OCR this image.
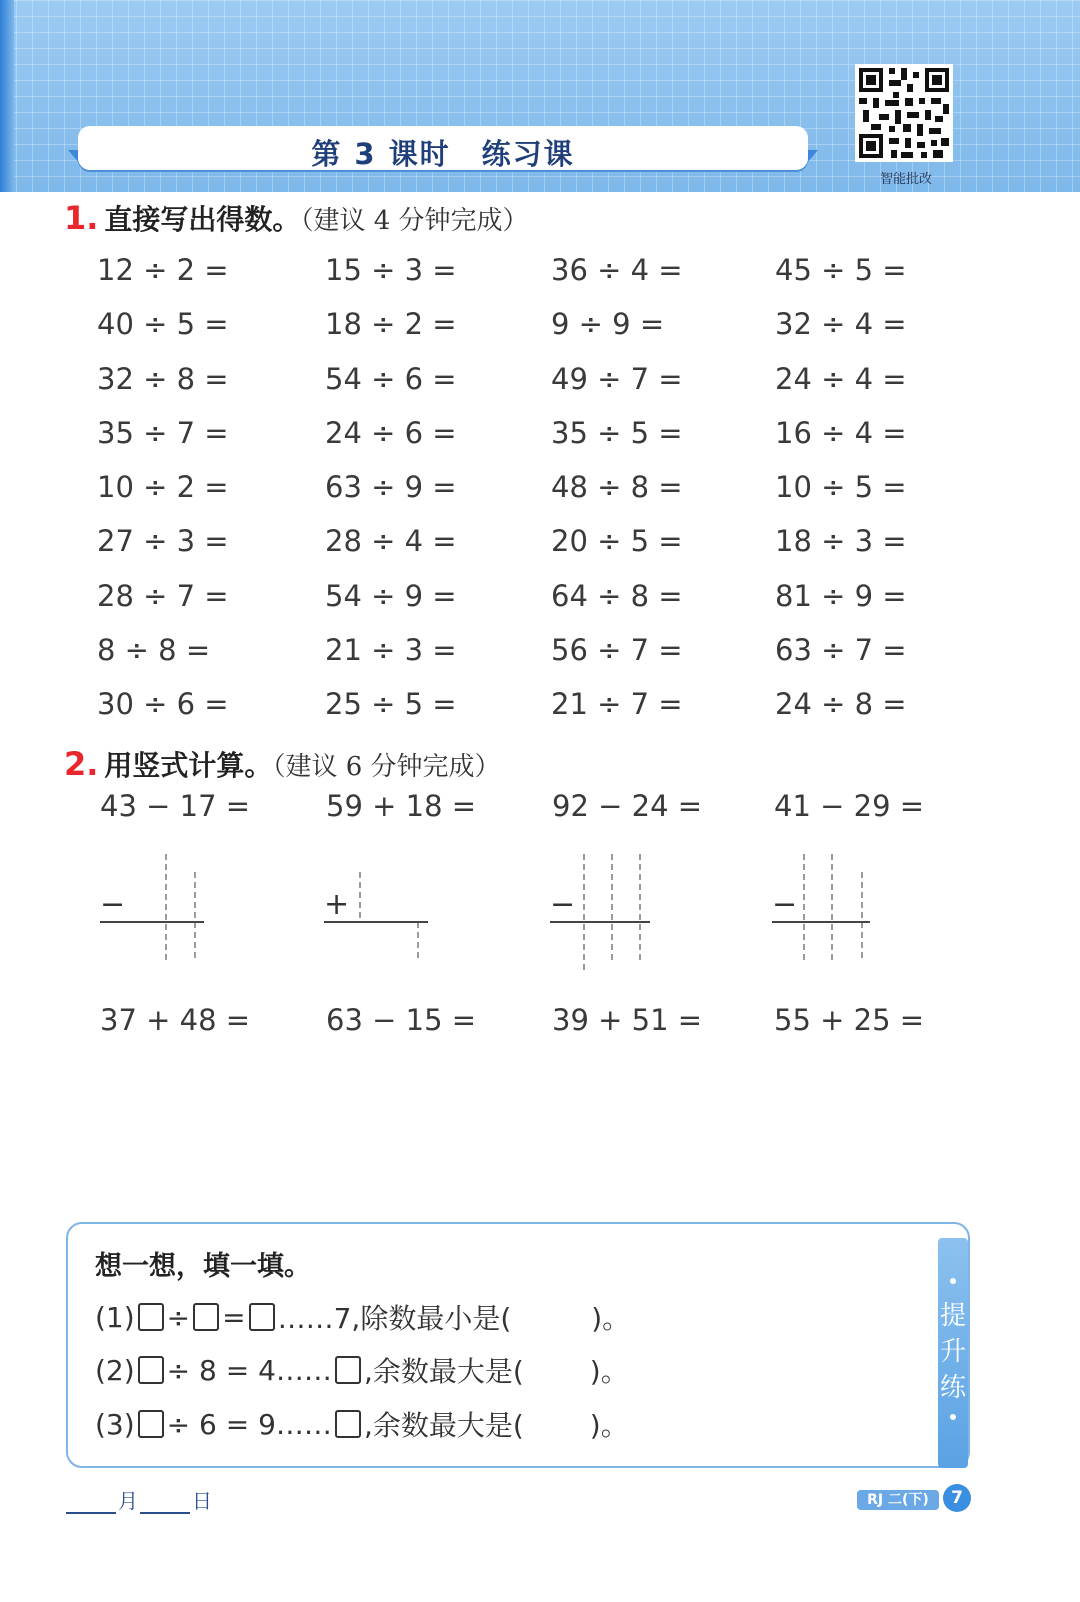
第 3 课时　练习课
智能批改
1. 直接写出得数。（建议 4 分钟完成）
12 ÷ 2 =	15 ÷ 3 =	36 ÷ 4 =	45 ÷ 5 =
40 ÷ 5 =	18 ÷ 2 =	9 ÷ 9 =	32 ÷ 4 =
32 ÷ 8 =	54 ÷ 6 =	49 ÷ 7 =	24 ÷ 4 =
35 ÷ 7 =	24 ÷ 6 =	35 ÷ 5 =	16 ÷ 4 =
10 ÷ 2 =	63 ÷ 9 =	48 ÷ 8 =	10 ÷ 5 =
27 ÷ 3 =	28 ÷ 4 =	20 ÷ 5 =	18 ÷ 3 =
28 ÷ 7 =	54 ÷ 9 =	64 ÷ 8 =	81 ÷ 9 =
8 ÷ 8 =	21 ÷ 3 =	56 ÷ 7 =	63 ÷ 7 =
30 ÷ 6 =	25 ÷ 5 =	21 ÷ 7 =	24 ÷ 8 =
2. 用竖式计算。（建议 6 分钟完成）
43 − 17 =	59 + 18 =	92 − 24 =	41 − 29 =
−	+	−	−
37 + 48 =	63 − 15 =	39 + 51 =	55 + 25 =
提升练
想一想，填一填。
(1) ÷ = ……7,除数最小是(	)。
(2) ÷ 8 = 4…… ,余数最大是( )。
(3) ÷ 6 = 9…… ,余数最大是( )。
月	日	RJ 二(下)	7
